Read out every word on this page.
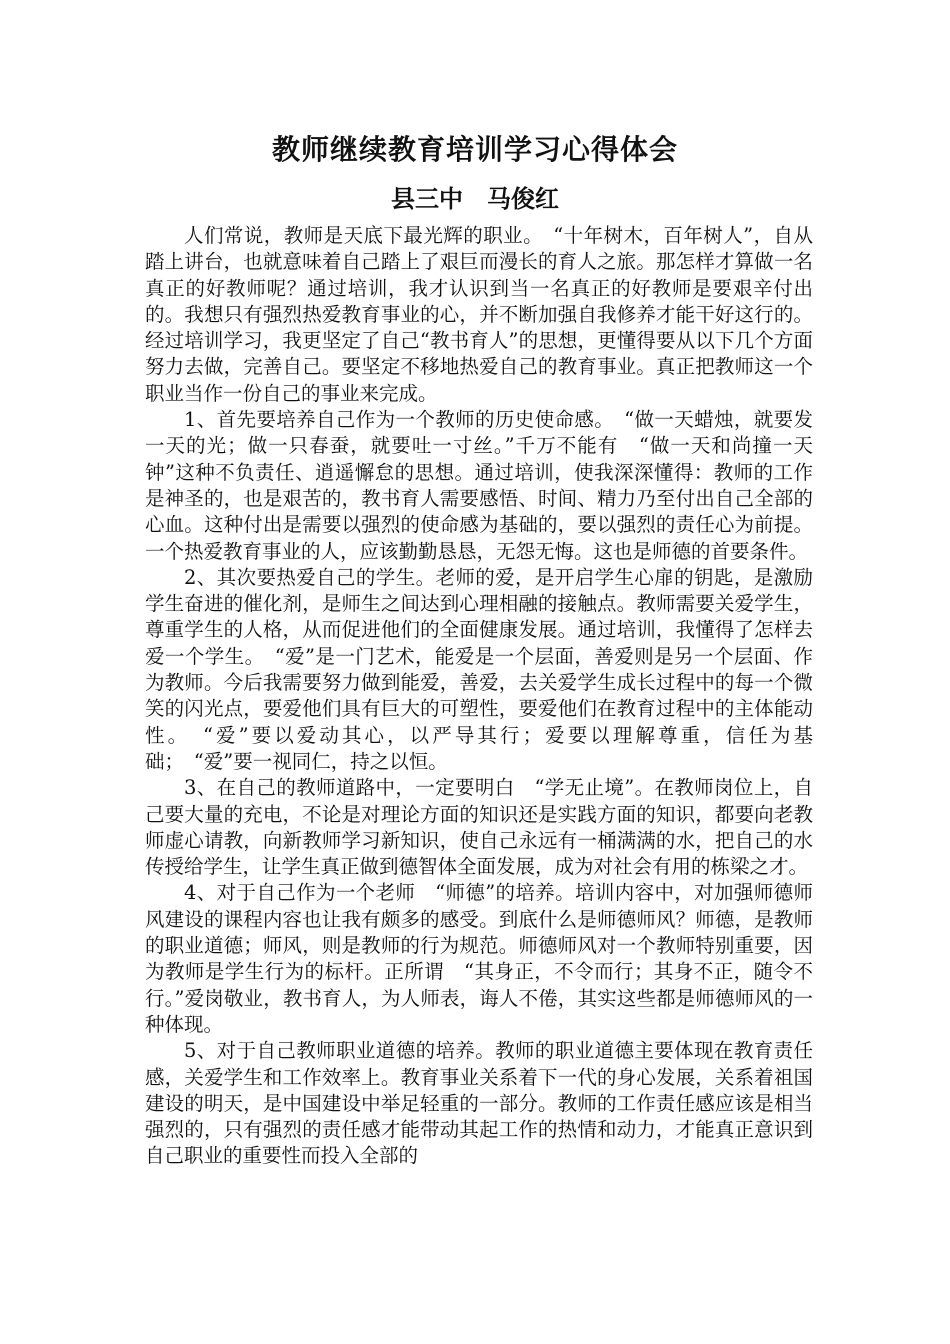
教师继续教育培训学习心得体会
县三中　马俊红

人们常说，教师是天底下最光辉的职业。　“十年树木，百年树人”，自从踏上讲台，也就意味着自己踏上了艰巨而漫长的育人之旅。那怎样才算做一名真正的好教师呢？通过培训，我才认识到当一名真正的好教师是要艰辛付出的。我想只有强烈热爱教育事业的心，并不断加强自我修养才能干好这行的。经过培训学习，我更坚定了自己“教书育人”的思想，更懂得要从以下几个方面努力去做，完善自己。要坚定不移地热爱自己的教育事业。真正把教师这一个职业当作一份自己的事业来完成。

1、首先要培养自己作为一个教师的历史使命感。　“做一天蜡烛，就要发一天的光；做一只春蚕，就要吐一寸丝。”千万不能有　“做一天和尚撞一天钟”这种不负责任、逍遥懈怠的思想。通过培训，使我深深懂得：教师的工作是神圣的，也是艰苦的，教书育人需要感悟、时间、精力乃至付出自己全部的心血。这种付出是需要以强烈的使命感为基础的，要以强烈的责任心为前提。一个热爱教育事业的人，应该勤勤恳恳，无怨无悔。这也是师德的首要条件。

2、其次要热爱自己的学生。老师的爱，是开启学生心扉的钥匙，是激励学生奋进的催化剂，是师生之间达到心理相融的接触点。教师需要关爱学生，尊重学生的人格，从而促进他们的全面健康发展。通过培训，我懂得了怎样去爱一个学生。　“爱”是一门艺术，能爱是一个层面，善爱则是另一个层面、作为教师。今后我需要努力做到能爱，善爱，去关爱学生成长过程中的每一个微笑的闪光点，要爱他们具有巨大的可塑性，要爱他们在教育过程中的主体能动性。　“爱”要以爱动其心，以严导其行；爱要以理解尊重，信任为基础；　“爱”要一视同仁，持之以恒。

3、在自己的教师道路中，一定要明白　“学无止境”。在教师岗位上，自己要大量的充电，不论是对理论方面的知识还是实践方面的知识，都要向老教师虚心请教，向新教师学习新知识，使自己永远有一桶满满的水，把自己的水传授给学生，让学生真正做到德智体全面发展，成为对社会有用的栋梁之才。

4、对于自己作为一个老师　“师德”的培养。培训内容中，对加强师德师风建设的课程内容也让我有颇多的感受。到底什么是师德师风？师德，是教师的职业道德；师风，则是教师的行为规范。师德师风对一个教师特别重要，因为教师是学生行为的标杆。正所谓　“其身正，不令而行；其身不正，随令不行。”爱岗敬业，教书育人，为人师表，诲人不倦，其实这些都是师德师风的一种体现。

5、对于自己教师职业道德的培养。教师的职业道德主要体现在教育责任感，关爱学生和工作效率上。教育事业关系着下一代的身心发展，关系着祖国建设的明天，是中国建设中举足轻重的一部分。教师的工作责任感应该是相当强烈的，只有强烈的责任感才能带动其起工作的热情和动力，才能真正意识到自己职业的重要性而投入全部的
